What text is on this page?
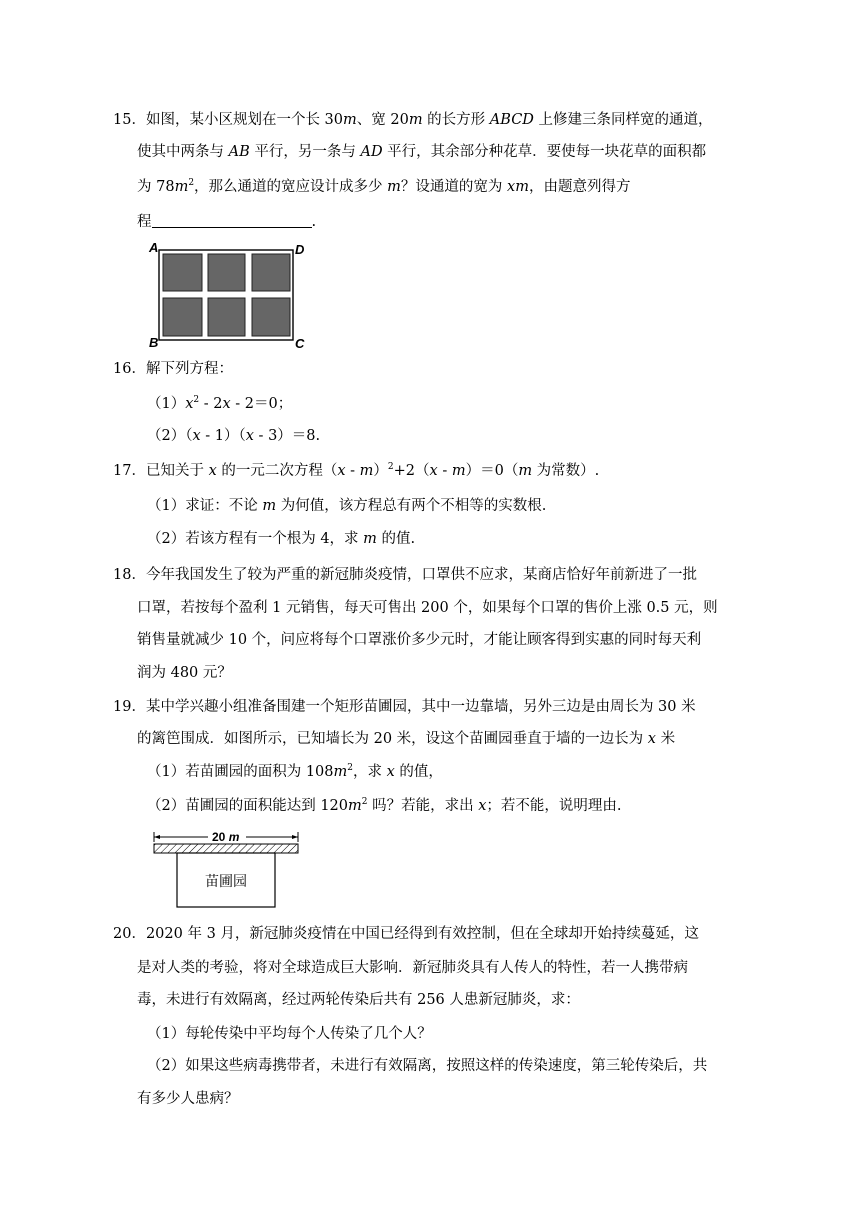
15．如图，某小区规划在一个长 30m、宽 20m 的长方形 ABCD 上修建三条同样宽的通道，
使其中两条与 AB 平行，另一条与 AD 平行，其余部分种花草．要使每一块花草的面积都
为 $78m^2$，那么通道的宽应设计成多少 m？设通道的宽为 xm，由题意列得方
程	.
A	D
B	C
16．解下列方程：
$(1)x^2 - 2x - 2=0$；
（2）（x - 1）（x - 3）＝8.
17．已知关于 x 的一元二次方程（x - m）$^2$+2（x - m）＝0（m 为常数）.
（1）求证：不论 m 为何值，该方程总有两个不相等的实数根.
（2）若该方程有一个根为 4，求 m 的值.
18．今年我国发生了较为严重的新冠肺炎疫情，口罩供不应求，某商店恰好年前新进了一批
口罩，若按每个盈利 1 元销售，每天可售出 200 个，如果每个口罩的售价上涨 0.5 元，则
销售量就减少 10 个，问应将每个口罩涨价多少元时，才能让顾客得到实惠的同时每天利
润为 480 元？
19．某中学兴趣小组准备围建一个矩形苗圃园，其中一边靠墙，另外三边是由周长为 30 米
的篱笆围成．如图所示，已知墙长为 20 米，设这个苗圃园垂直于墙的一边长为 x 米
（1）若苗圃园的面积为 $108m^2$，求 x 的值，
（2）苗圃园的面积能达到 $120m^2$ 吗？若能，求出 x；若不能，说明理由.
20 m
苗圃园
20．2020 年 3 月，新冠肺炎疫情在中国已经得到有效控制，但在全球却开始持续蔓延，这
是对人类的考验，将对全球造成巨大影响．新冠肺炎具有人传人的特性，若一人携带病
毒，未进行有效隔离，经过两轮传染后共有 256 人患新冠肺炎，求：
（1）每轮传染中平均每个人传染了几个人？
（2）如果这些病毒携带者，未进行有效隔离，按照这样的传染速度，第三轮传染后，共
有多少人患病？
